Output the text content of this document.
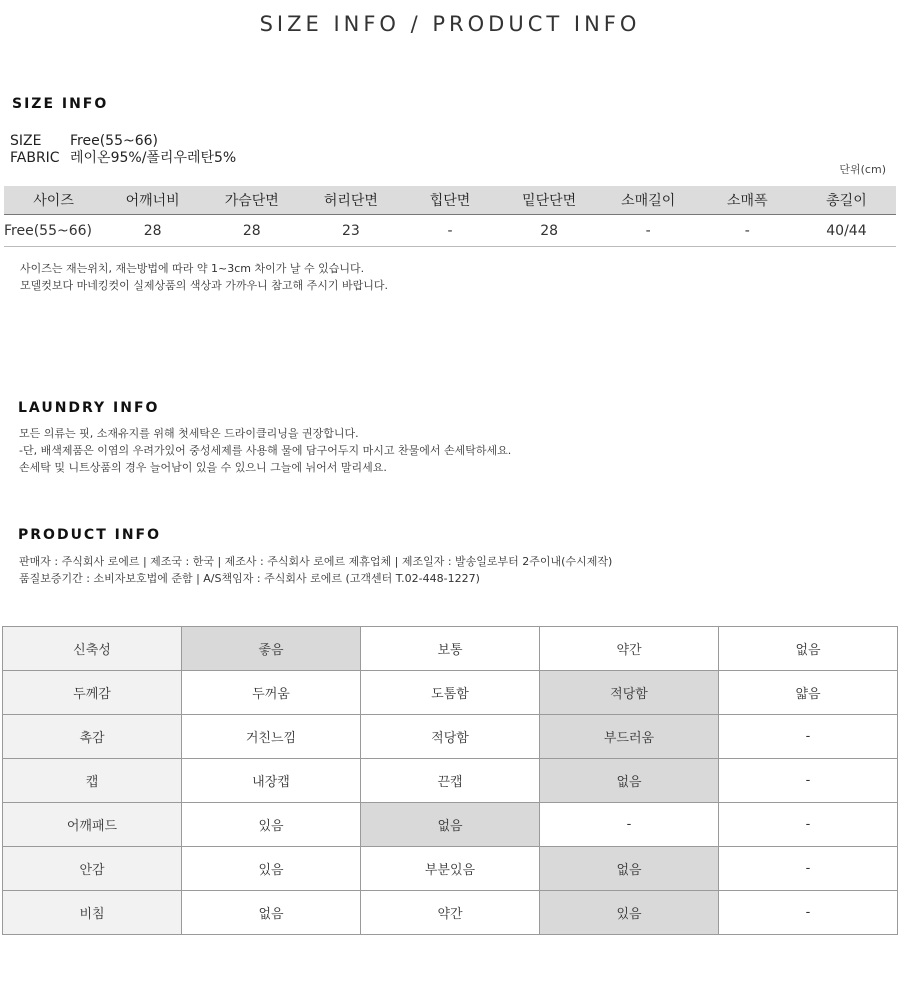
SIZE INFO / PRODUCT INFO
SIZE INFO
SIZE Free(55~66)
FABRIC 레이온95%/폴리우레탄5%
단위(cm)
사이즈	어깨너비	가슴단면	허리단면	힙단면	밑단단면	소매길이	소매폭	총길이
Free(55~66)	28	28	23	-	28	-	-	40/44
사이즈는 재는위치, 재는방법에 따라 약 1~3cm 차이가 날 수 있습니다.
모델컷보다 마네킹컷이 실제상품의 색상과 가까우니 참고해 주시기 바랍니다.
LAUNDRY INFO
모든 의류는 핏, 소재유지를 위해 첫세탁은 드라이클리닝을 권장합니다.
-단, 배색제품은 이염의 우려가있어 중성세제를 사용해 물에 담구어두지 마시고 찬물에서 손세탁하세요.
손세탁 및 니트상품의 경우 늘어남이 있을 수 있으니 그늘에 뉘어서 말리세요.
PRODUCT INFO
판매자 : 주식회사 로에르 | 제조국 : 한국 | 제조사 : 주식회사 로에르 제휴업체 | 제조일자 : 발송일로부터 2주이내(수시제작)
품질보증기간 : 소비자보호법에 준함 | A/S책임자 : 주식회사 로에르 (고객센터 T.02-448-1227)
신축성	좋음	보통	약간	없음
두께감	두꺼움	도톰함	적당함	얇음
촉감	거친느낌	적당함	부드러움	-
캡	내장캡	끈캡	없음	-
어깨패드	있음	없음	-	-
안감	있음	부분있음	없음	-
비침	없음	약간	있음	-
